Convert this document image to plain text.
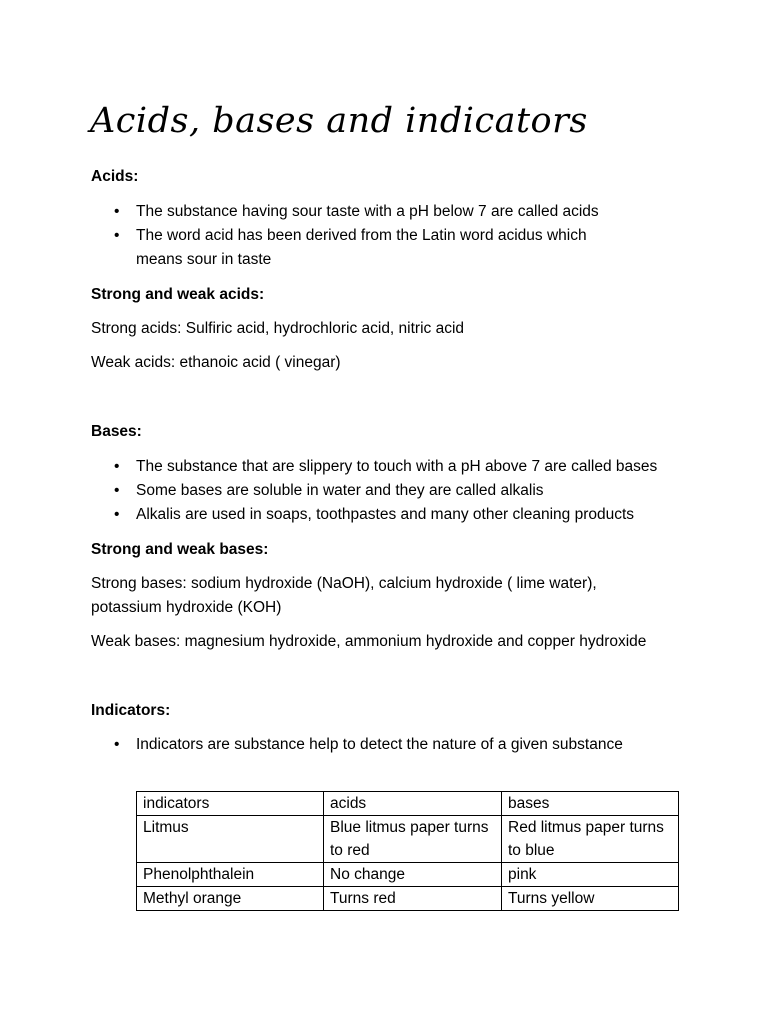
Acids, bases and indicators

Acids:

• The substance having sour taste with a pH below 7 are called acids
• The word acid has been derived from the Latin word acidus which means sour in taste

Strong and weak acids:

Strong acids: Sulfiric acid, hydrochloric acid, nitric acid

Weak acids: ethanoic acid ( vinegar)

Bases:

• The substance that are slippery to touch with a pH above 7 are called bases
• Some bases are soluble in water and they are called alkalis
• Alkalis are used in soaps, toothpastes and many other cleaning products

Strong and weak bases:

Strong bases: sodium hydroxide (NaOH), calcium hydroxide ( lime water), potassium hydroxide (KOH)

Weak bases: magnesium hydroxide, ammonium hydroxide and copper hydroxide

Indicators:

• Indicators are substance help to detect the nature of a given substance
indicators	acids	bases
Litmus	Blue litmus paper turns to red	Red litmus paper turns to blue
Phenolphthalein	No change	pink
Methyl orange	Turns red	Turns yellow
